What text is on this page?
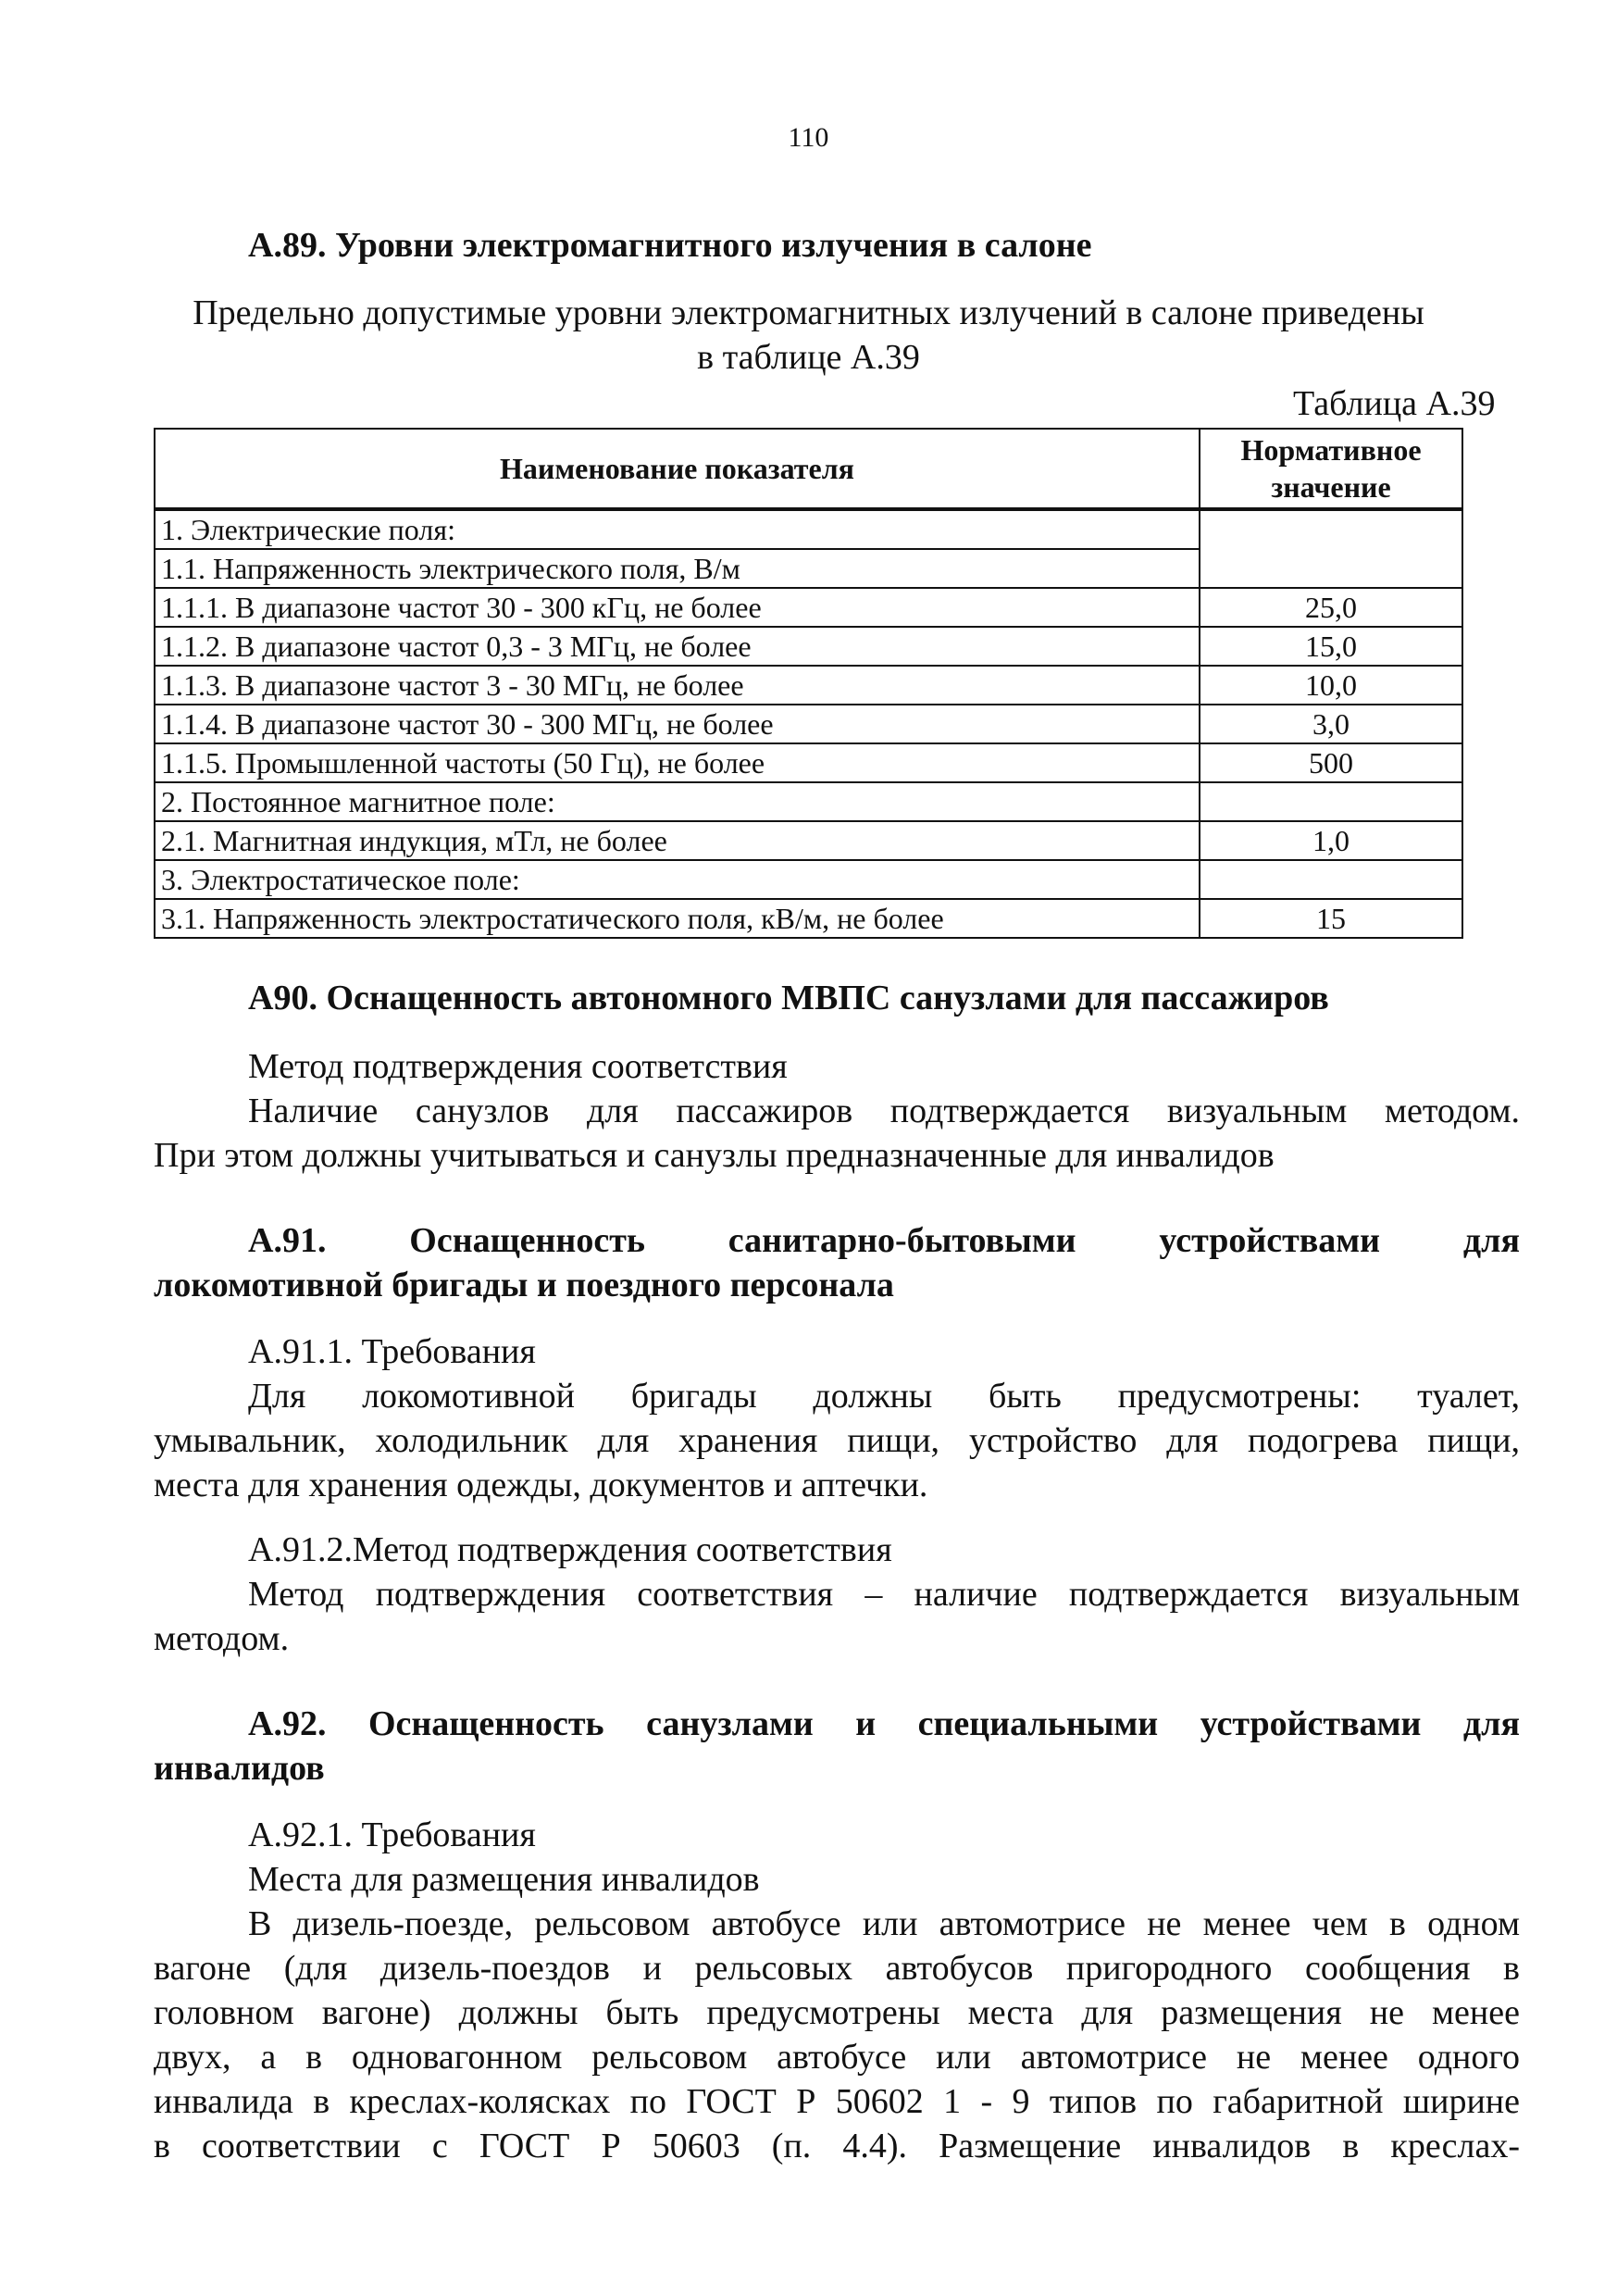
110
А.89. Уровни электромагнитного излучения в салоне
Предельно допустимые уровни электромагнитных излучений в салоне приведены
в таблице А.39
Таблица А.39
Наименование показателя	Нормативное значение
1. Электрические поля:	
1.1. Напряженность электрического поля, В/м	
1.1.1. В диапазоне частот 30 - 300 кГц, не более	25,0
1.1.2. В диапазоне частот 0,3 - 3 МГц, не более	15,0
1.1.3. В диапазоне частот 3 - 30 МГц, не более	10,0
1.1.4. В диапазоне частот 30 - 300 МГц, не более	3,0
1.1.5. Промышленной частоты (50 Гц), не более	500
2. Постоянное магнитное поле:	
2.1. Магнитная индукция, мТл, не более	1,0
3. Электростатическое поле:	
3.1. Напряженность электростатического поля, кВ/м, не более	15
А90. Оснащенность автономного МВПС санузлами для пассажиров
Метод подтверждения соответствия
Наличие санузлов для пассажиров подтверждается визуальным методом.
При этом должны учитываться и санузлы предназначенные для инвалидов
А.91. Оснащенность санитарно-бытовыми устройствами для
локомотивной бригады и поездного персонала
А.91.1. Требования
Для локомотивной бригады должны быть предусмотрены: туалет,
умывальник, холодильник для хранения пищи, устройство для подогрева пищи,
места для хранения одежды, документов и аптечки.
А.91.2.Метод подтверждения соответствия
Метод подтверждения соответствия – наличие подтверждается визуальным
методом.
А.92. Оснащенность санузлами и специальными устройствами для
инвалидов
А.92.1. Требования
Места для размещения инвалидов
В дизель-поезде, рельсовом автобусе или автомотрисе не менее чем в одном
вагоне (для дизель-поездов и рельсовых автобусов пригородного сообщения в
головном вагоне) должны быть предусмотрены места для размещения не менее
двух, а в одновагонном рельсовом автобусе или автомотрисе не менее одного
инвалида в креслах-колясках по ГОСТ Р 50602 1 - 9 типов по габаритной ширине
в соответствии с ГОСТ Р 50603 (п. 4.4). Размещение инвалидов в креслах-
